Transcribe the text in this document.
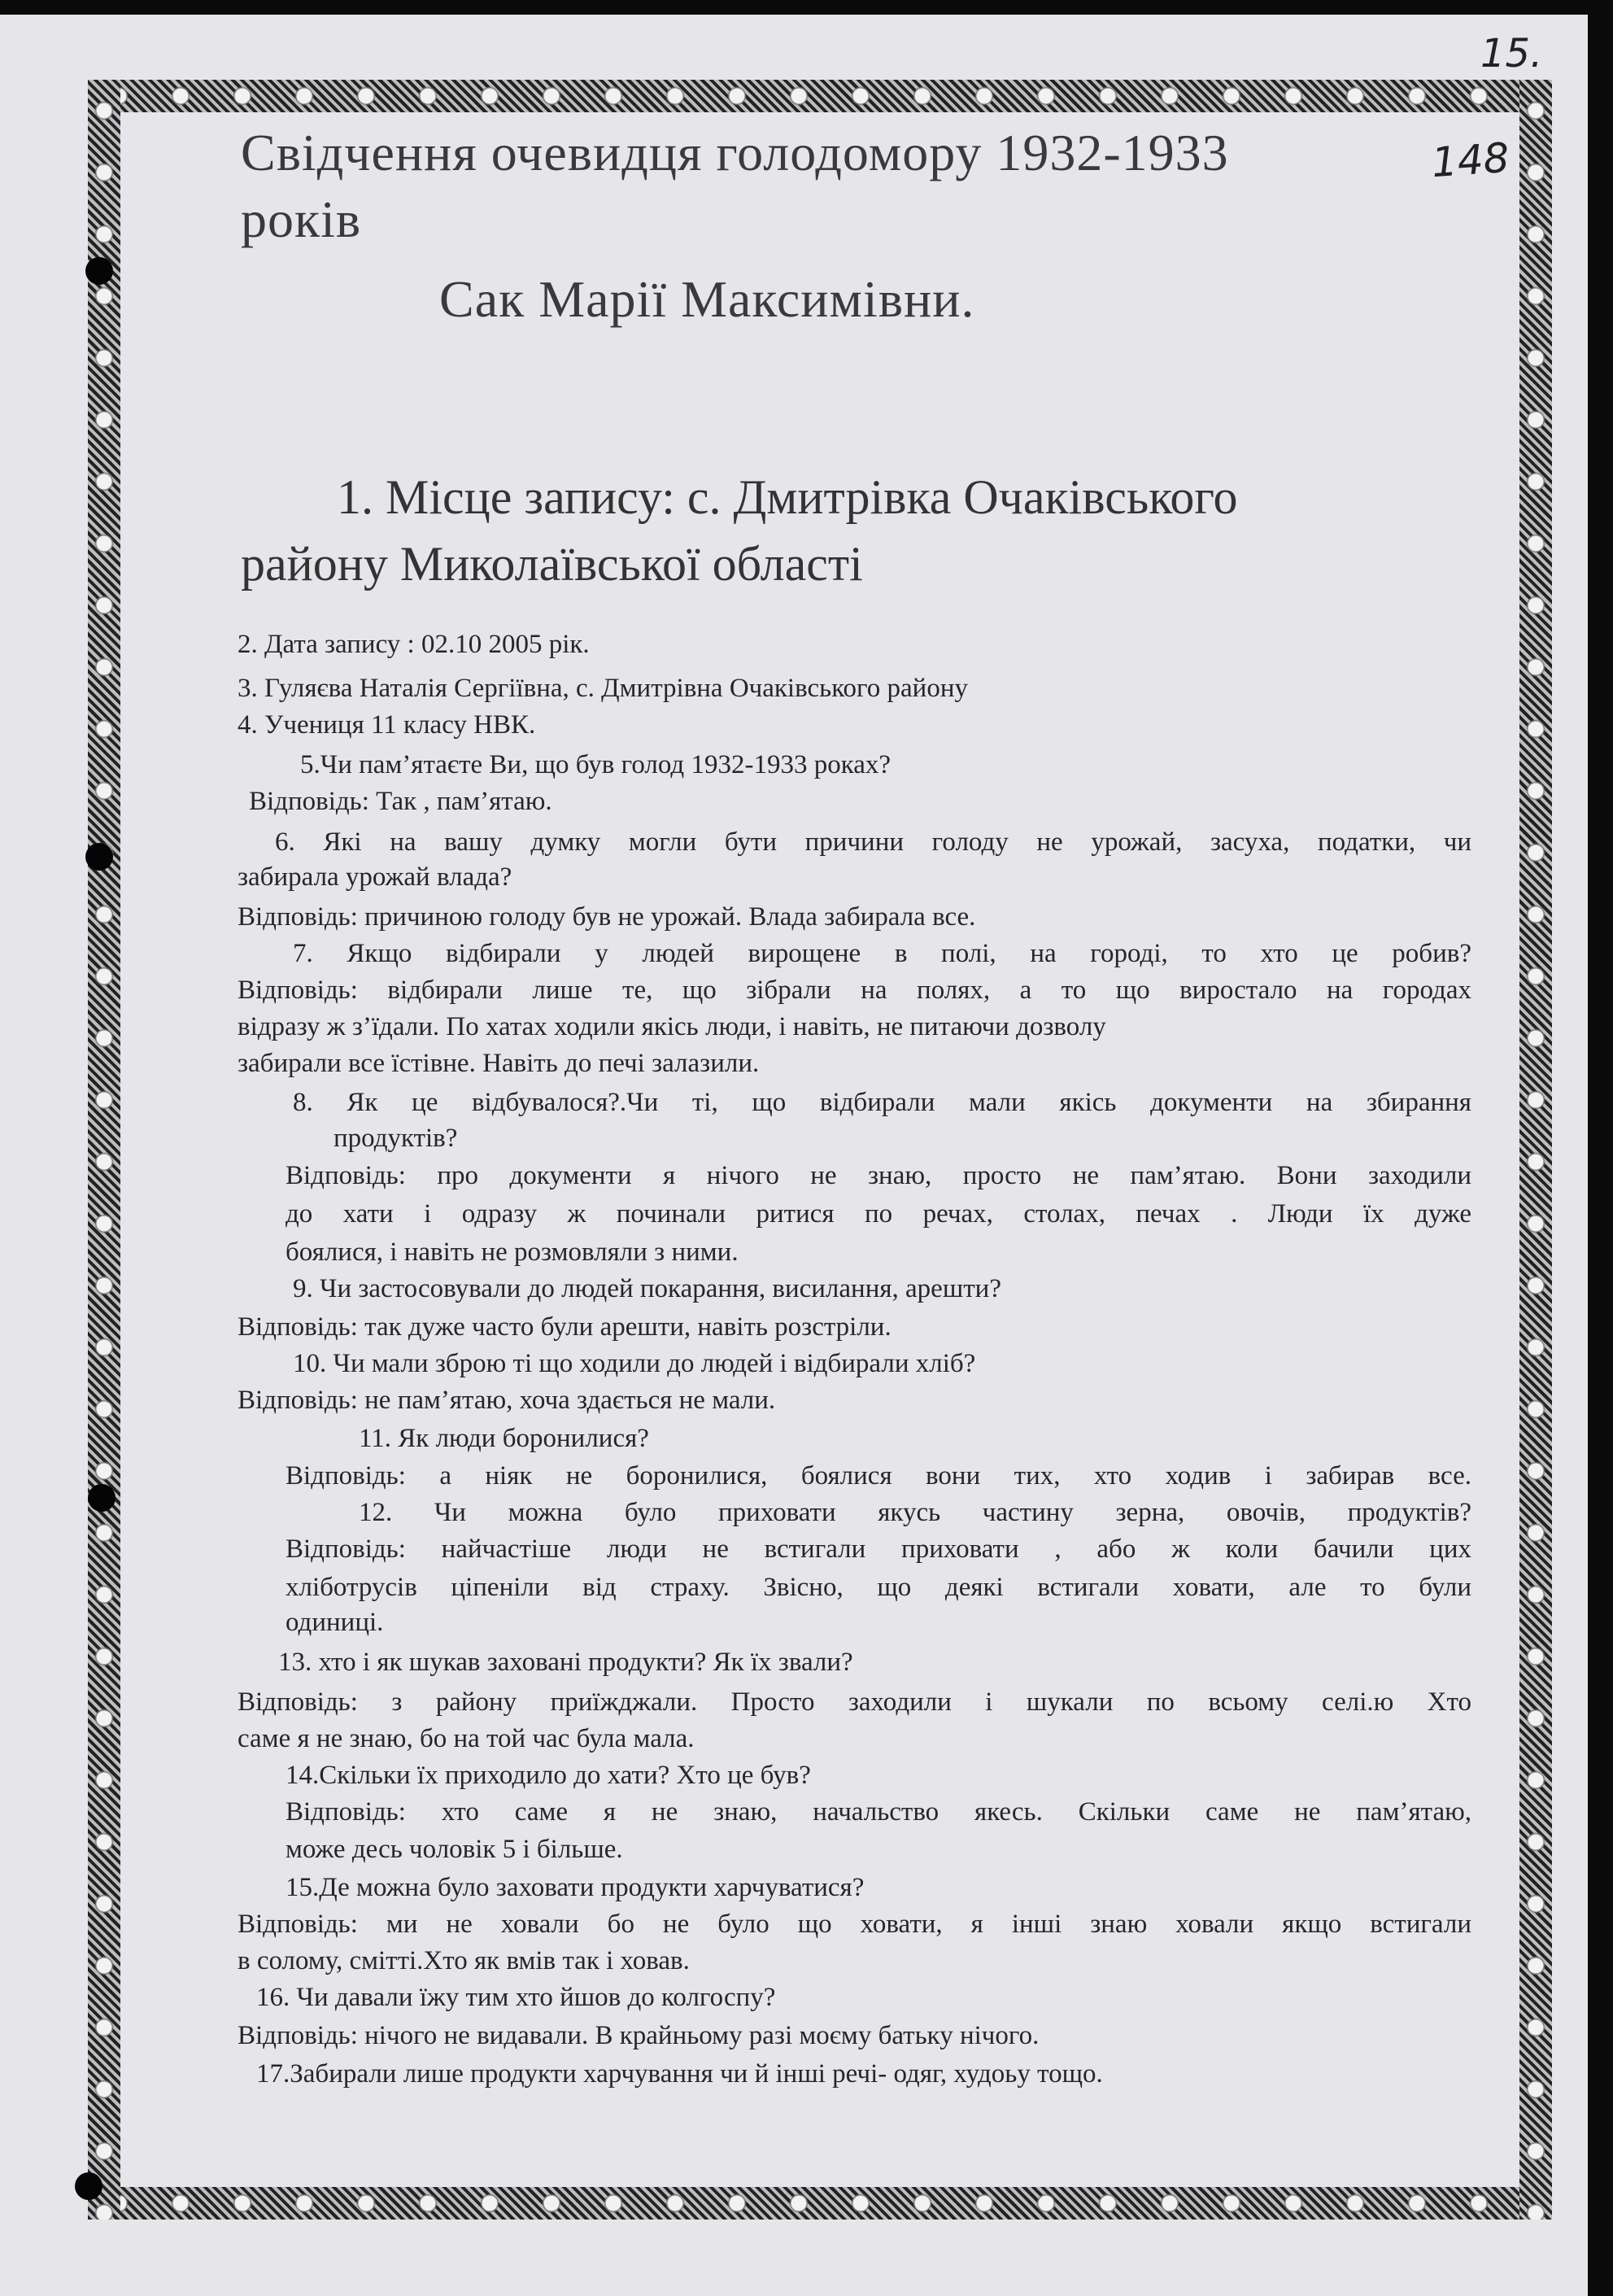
15.
148
Свідчення очевидця голодомору 1932-1933
років
Сак Марії Максимівни.
1. Місце запису: с. Дмитрівка Очаківського
району Миколаївської області
2. Дата запису : 02.10 2005 рік.
3. Гуляєва Наталія Сергіївна, с. Дмитрівна Очаківського району
4. Учениця 11 класу НВК.
5.Чи пам’ятаєте Ви, що був голод 1932-1933 роках?
Відповідь: Так , пам’ятаю.
6. Які на вашу думку могли бути причини голоду не урожай, засуха, податки, чи
забирала урожай влада?
Відповідь: причиною голоду був не урожай. Влада забирала все.
7. Якщо відбирали у людей вирощене в полі, на городі, то хто це робив?
Відповідь: відбирали лише те, що зібрали на полях, а то що виростало на городах
відразу ж з’їдали. По хатах ходили якісь люди, і навіть, не питаючи дозволу
забирали все їстівне. Навіть до печі залазили.
8. Як це відбувалося?.Чи ті, що відбирали мали якісь документи на збирання
продуктів?
Відповідь: про документи я нічого не знаю, просто не пам’ятаю. Вони заходили
до хати і одразу ж починали ритися по речах, столах, печах . Люди їх дуже
боялися, і навіть не розмовляли з ними.
9. Чи застосовували до людей покарання, висилання, арешти?
Відповідь: так дуже часто були арешти, навіть розстріли.
10. Чи мали зброю ті що ходили до людей і відбирали хліб?
Відповідь: не пам’ятаю, хоча здається не мали.
11. Як люди боронилися?
Відповідь: а ніяк не боронилися, боялися вони тих, хто ходив і забирав все.
12. Чи можна було приховати якусь частину зерна, овочів, продуктів?
Відповідь: найчастіше люди не встигали приховати , або ж коли бачили цих
хліботрусів ціпеніли від страху. Звісно, що деякі встигали ховати, але то були
одиниці.
13. хто і як шукав заховані продукти? Як їх звали?
Відповідь: з району приїжджали. Просто заходили і шукали по всьому селі.ю Хто
саме я не знаю, бо на той час була мала.
14.Скільки їх приходило до хати? Хто це був?
Відповідь: хто саме я не знаю, начальство якесь. Скільки саме не пам’ятаю,
може десь чоловік 5 і більше.
15.Де можна було заховати продукти харчуватися?
Відповідь: ми не ховали бо не було що ховати, я інші знаю ховали якщо встигали
в солому, смітті.Хто як вмів так і ховав.
16. Чи давали їжу тим хто йшов до колгоспу?
Відповідь: нічого не видавали. В крайньому разі моєму батьку нічого.
17.Забирали лише продукти харчування чи й інші речі- одяг, худоьу тощо.
